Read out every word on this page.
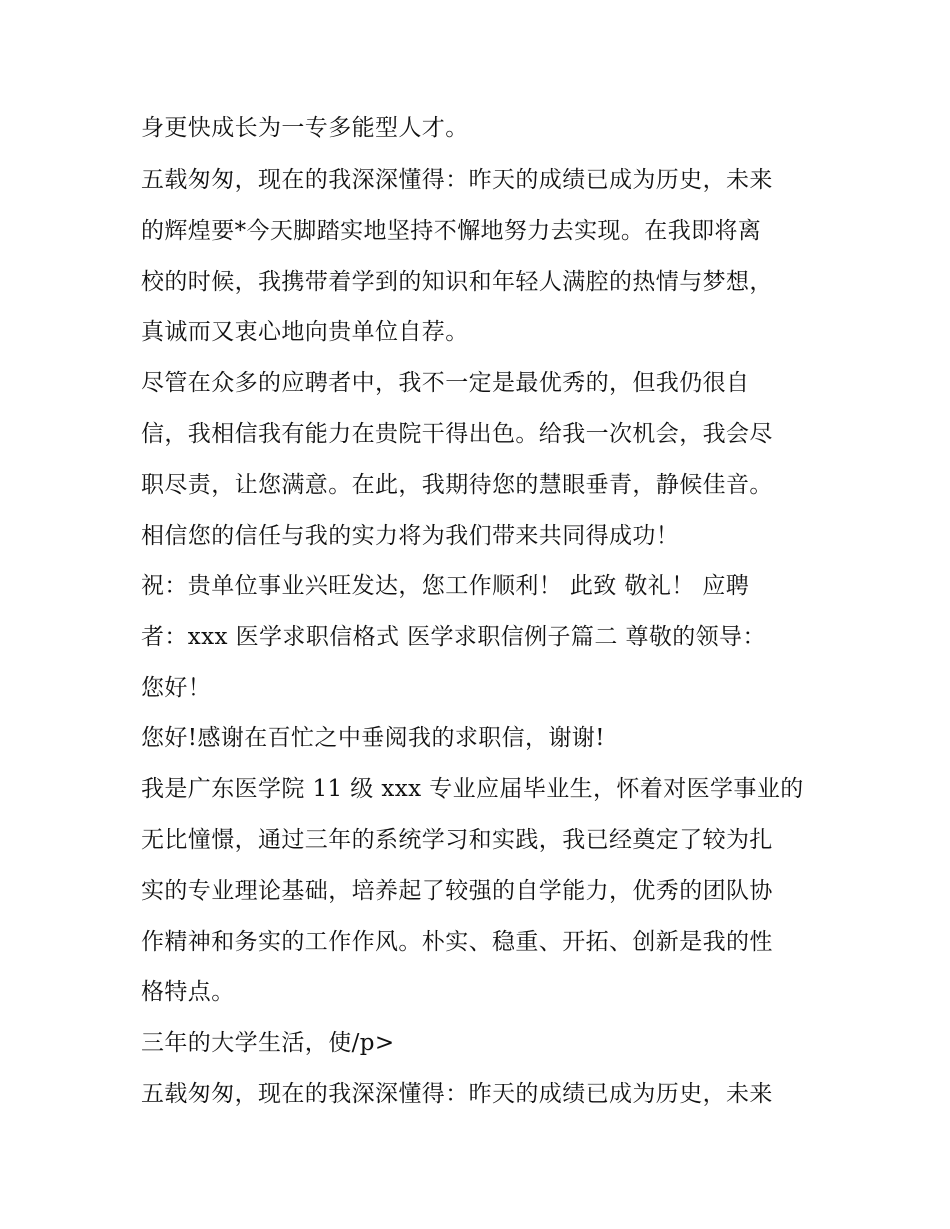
身更快成长为一专多能型人才。
五载匆匆，现在的我深深懂得：昨天的成绩已成为历史，未来
的辉煌要*今天脚踏实地坚持不懈地努力去实现。在我即将离
校的时候，我携带着学到的知识和年轻人满腔的热情与梦想，
真诚而又衷心地向贵单位自荐。
尽管在众多的应聘者中，我不一定是最优秀的，但我仍很自
信，我相信我有能力在贵院干得出色。给我一次机会，我会尽
职尽责，让您满意。在此，我期待您的慧眼垂青，静候佳音。
相信您的信任与我的实力将为我们带来共同得成功！
祝：贵单位事业兴旺发达，您工作顺利！ 此致 敬礼！ 应聘
者：xxx 医学求职信格式 医学求职信例子篇二 尊敬的领导：
您好！
您好!感谢在百忙之中垂阅我的求职信，谢谢!
我是广东医学院 11 级 xxx 专业应届毕业生，怀着对医学事业的
无比憧憬，通过三年的系统学习和实践，我已经奠定了较为扎
实的专业理论基础，培养起了较强的自学能力，优秀的团队协
作精神和务实的工作作风。朴实、稳重、开拓、创新是我的性
格特点。
三年的大学生活，使/p>
五载匆匆，现在的我深深懂得：昨天的成绩已成为历史，未来
